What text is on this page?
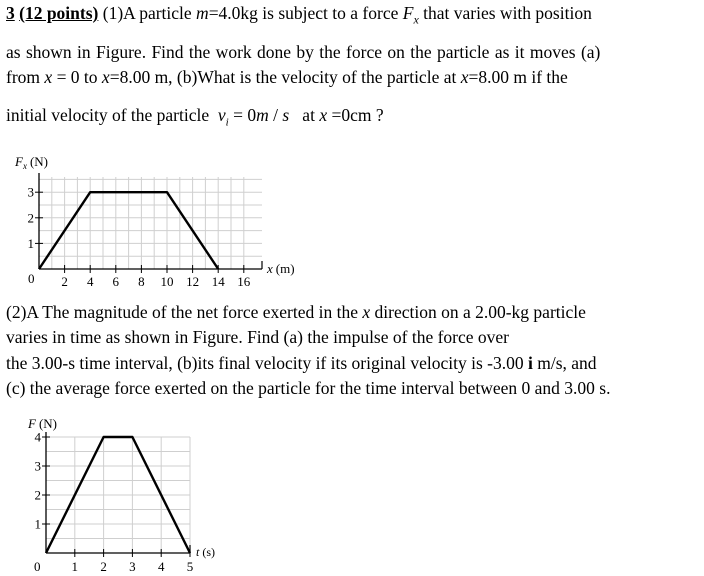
3 (12 points) (1)A particle m=4.0kg is subject to a force $F_x$ that varies with position
as shown in Figure. Find the work done by the force on the particle as it moves (a)
from x = 0 to x=8.00 m, (b)What is the velocity of the particle at x=8.00 m if the
initial velocity of the particle $v_i = 0m / s$ at x =0cm ?
2 4 6 8 10 12 14 16
1
2
3
$F_x$ (N)
x (m)
0
(2)A The magnitude of the net force exerted in the x direction on a 2.00-kg particle
varies in time as shown in Figure. Find (a) the impulse of the force over
the 3.00-s time interval, (b)its final velocity if its original velocity is -3.00 i m/s, and
(c) the average force exerted on the particle for the time interval between 0 and 3.00 s.
1 2 3 4 5
1
2
3
4
F (N)
t (s)
0
